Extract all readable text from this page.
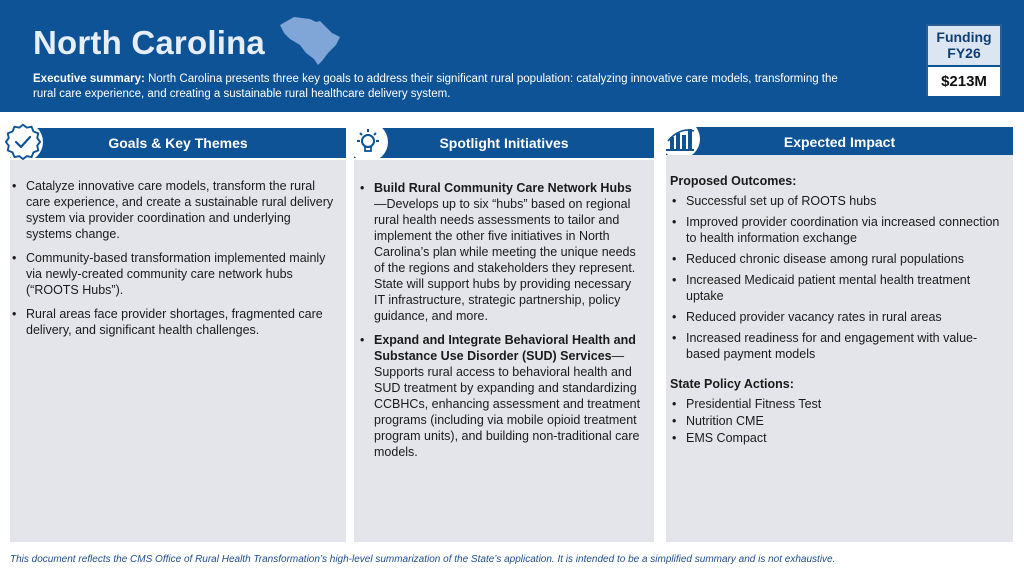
North Carolina
Executive summary: North Carolina presents three key goals to address their significant rural population: catalyzing innovative care models, transforming the rural care experience, and creating a sustainable rural healthcare delivery system.
Funding FY26
$213M
Goals & Key Themes
• Catalyze innovative care models, transform the rural care experience, and create a sustainable rural delivery system via provider coordination and underlying systems change.
• Community-based transformation implemented mainly via newly-created community care network hubs (“ROOTS Hubs”).
• Rural areas face provider shortages, fragmented care delivery, and significant health challenges.
Spotlight Initiatives
• Build Rural Community Care Network Hubs—Develops up to six “hubs” based on regional rural health needs assessments to tailor and implement the other five initiatives in North Carolina’s plan while meeting the unique needs of the regions and stakeholders they represent. State will support hubs by providing necessary IT infrastructure, strategic partnership, policy guidance, and more.
• Expand and Integrate Behavioral Health and Substance Use Disorder (SUD) Services—Supports rural access to behavioral health and SUD treatment by expanding and standardizing CCBHCs, enhancing assessment and treatment programs (including via mobile opioid treatment program units), and building non-traditional care models.
Expected Impact
Proposed Outcomes:
• Successful set up of ROOTS hubs
• Improved provider coordination via increased connection to health information exchange
• Reduced chronic disease among rural populations
• Increased Medicaid patient mental health treatment uptake
• Reduced provider vacancy rates in rural areas
• Increased readiness for and engagement with value-based payment models
State Policy Actions:
• Presidential Fitness Test
• Nutrition CME
• EMS Compact
This document reflects the CMS Office of Rural Health Transformation’s high-level summarization of the State’s application. It is intended to be a simplified summary and is not exhaustive.
